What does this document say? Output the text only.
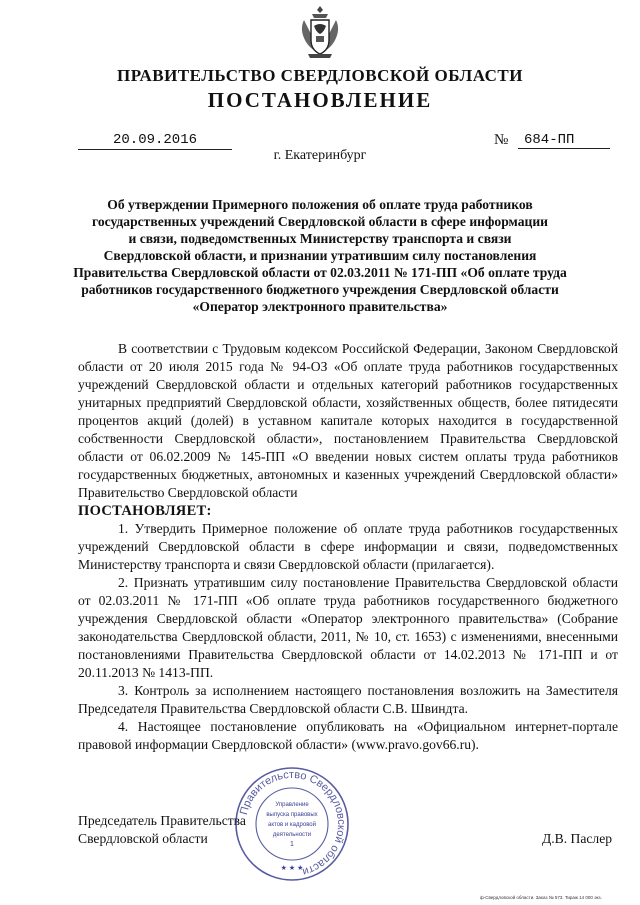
ПРАВИТЕЛЬСТВО СВЕРДЛОВСКОЙ ОБЛАСТИ
ПОСТАНОВЛЕНИЕ
20.09.2016	№	684-ПП
г. Екатеринбург
Об утверждении Примерного положения об оплате труда работников
государственных учреждений Свердловской области в сфере информации
и связи, подведомственных Министерству транспорта и связи
Свердловской области, и признании утратившим силу постановления
Правительства Свердловской области от 02.03.2011 № 171-ПП «Об оплате труда
работников государственного бюджетного учреждения Свердловской области
«Оператор электронного правительства»

В соответствии с Трудовым кодексом Российской Федерации, Законом Свердловской области от 20 июля 2015 года № 94-ОЗ «Об оплате труда работников государственных учреждений Свердловской области и отдельных категорий работников государственных унитарных предприятий Свердловской области, хозяйственных обществ, более пятидесяти процентов акций (долей) в уставном капитале которых находится в государственной собственности Свердловской области», постановлением Правительства Свердловской области от 06.02.2009 № 145-ПП «О введении новых систем оплаты труда работников государственных бюджетных, автономных и казенных учреждений Свердловской области» Правительство Свердловской области

ПОСТАНОВЛЯЕТ:

1. Утвердить Примерное положение об оплате труда работников государственных учреждений Свердловской области в сфере информации и связи, подведомственных Министерству транспорта и связи Свердловской области (прилагается).

2. Признать утратившим силу постановление Правительства Свердловской области от 02.03.2011 № 171-ПП «Об оплате труда работников государственного бюджетного учреждения Свердловской области «Оператор электронного правительства» (Собрание законодательства Свердловской области, 2011, № 10, ст. 1653) с изменениями, внесенными постановлениями Правительства Свердловской области от 14.02.2013 № 171-ПП и от 20.11.2013 № 1413-ПП.

3. Контроль за исполнением настоящего постановления возложить на Заместителя Председателя Правительства Свердловской области С.В. Швиндта.

4. Настоящее постановление опубликовать на «Официальном интернет-портале правовой информации Свердловской области» (www.pravo.gov66.ru).

Председатель Правительства
Свердловской области	Д.В. Паслер
Правительство Свердловской области
Управление
выпуска правовых
актов и кадровой
деятельности
1
★ ★ ★
ф-Свердловской области. Заказ № 573. Тираж 14 000 экз.
